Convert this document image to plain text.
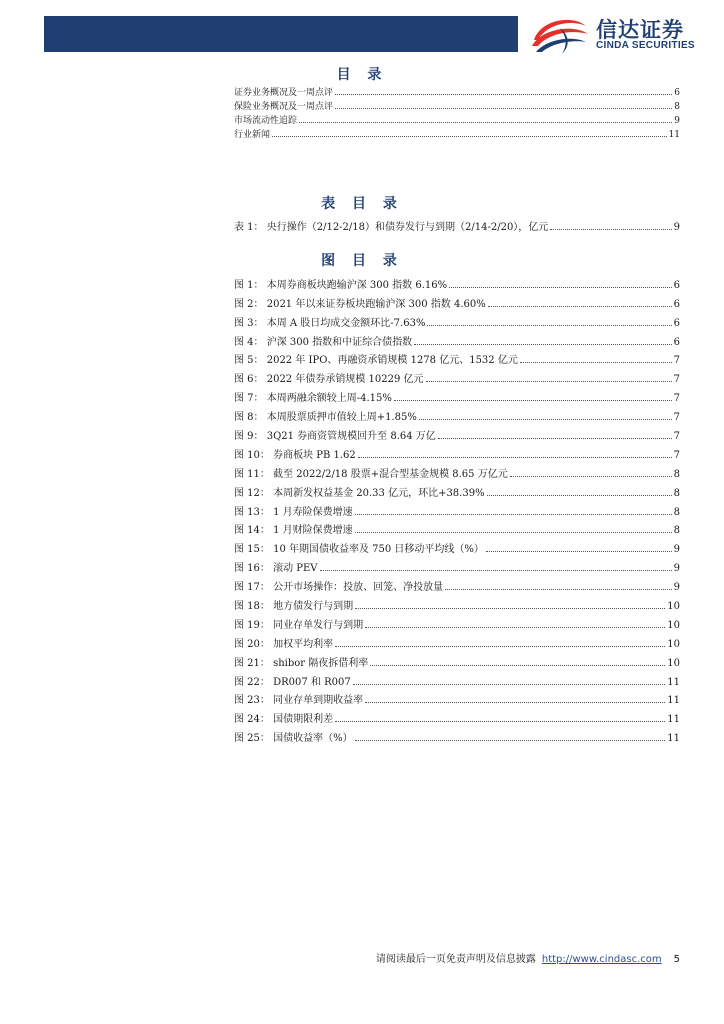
信达证券
CINDA SECURITIES
目 录
证券业务概况及一周点评	6
保险业务概况及一周点评	8
市场流动性追踪	9
行业新闻	11
表 目 录
表 1： 央行操作（2/12-2/18）和债券发行与到期（2/14-2/20），亿元	9
图 目 录
图 1： 本周券商板块跑输沪深 300 指数 6.16%	6
图 2： 2021 年以来证券板块跑输沪深 300 指数 4.60%	6
图 3： 本周 A 股日均成交金额环比-7.63%	6
图 4： 沪深 300 指数和中证综合债指数	6
图 5： 2022 年 IPO、再融资承销规模 1278 亿元、1532 亿元	7
图 6： 2022 年债券承销规模 10229 亿元	7
图 7： 本周两融余额较上周-4.15%	7
图 8： 本周股票质押市值较上周+1.85%	7
图 9： 3Q21 券商资管规模回升至 8.64 万亿	7
图 10： 券商板块 PB 1.62	7
图 11： 截至 2022/2/18 股票+混合型基金规模 8.65 万亿元	8
图 12： 本周新发权益基金 20.33 亿元，环比+38.39%	8
图 13： 1 月寿险保费增速	8
图 14： 1 月财险保费增速	8
图 15： 10 年期国债收益率及 750 日移动平均线（%）	9
图 16： 滚动 PEV	9
图 17： 公开市场操作：投放、回笼、净投放量	9
图 18： 地方债发行与到期	10
图 19： 同业存单发行与到期	10
图 20： 加权平均利率	10
图 21： shibor 隔夜拆借利率	10
图 22： DR007 和 R007	11
图 23： 同业存单到期收益率	11
图 24： 国债期限利差	11
图 25： 国债收益率（%）	11
请阅读最后一页免责声明及信息披露 http://www.cindasc.com 5
